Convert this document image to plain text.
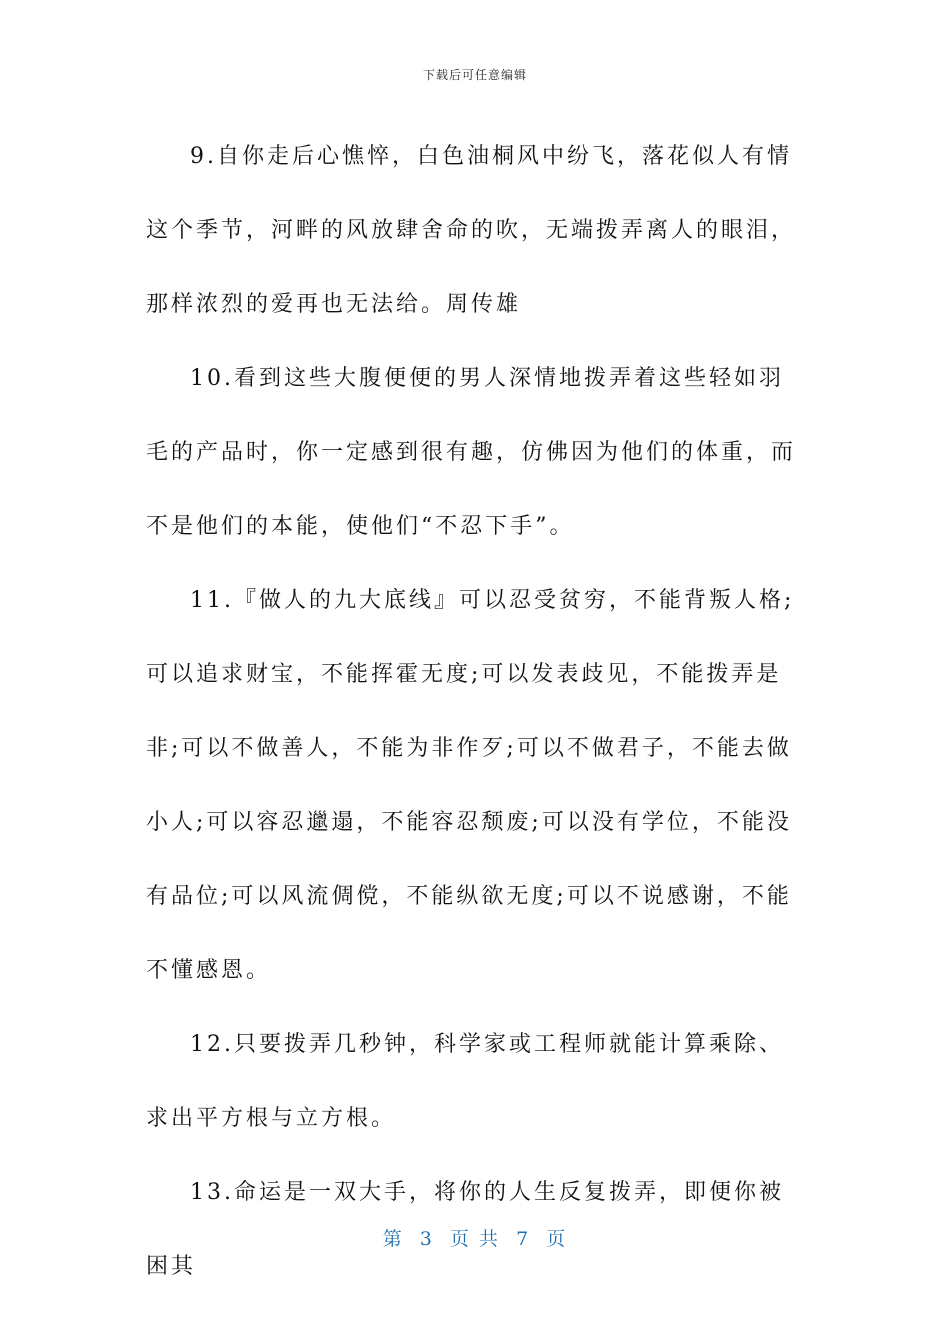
下载后可任意编辑

9.自你走后心憔悴，白色油桐风中纷飞，落花似人有情这个季节，河畔的风放肆舍命的吹，无端拨弄离人的眼泪，那样浓烈的爱再也无法给。周传雄

10.看到这些大腹便便的男人深情地拨弄着这些轻如羽毛的产品时，你一定感到很有趣，仿佛因为他们的体重，而不是他们的本能，使他们“不忍下手”。

11.『做人的九大底线』可以忍受贫穷，不能背叛人格;可以追求财宝，不能挥霍无度;可以发表歧见，不能拨弄是非;可以不做善人，不能为非作歹;可以不做君子，不能去做小人;可以容忍邋遢，不能容忍颓废;可以没有学位，不能没有品位;可以风流倜傥，不能纵欲无度;可以不说感谢，不能不懂感恩。

12.只要拨弄几秒钟，科学家或工程师就能计算乘除、求出平方根与立方根。

13.命运是一双大手，将你的人生反复拨弄，即便你被困其

第  3  页 共  7  页
